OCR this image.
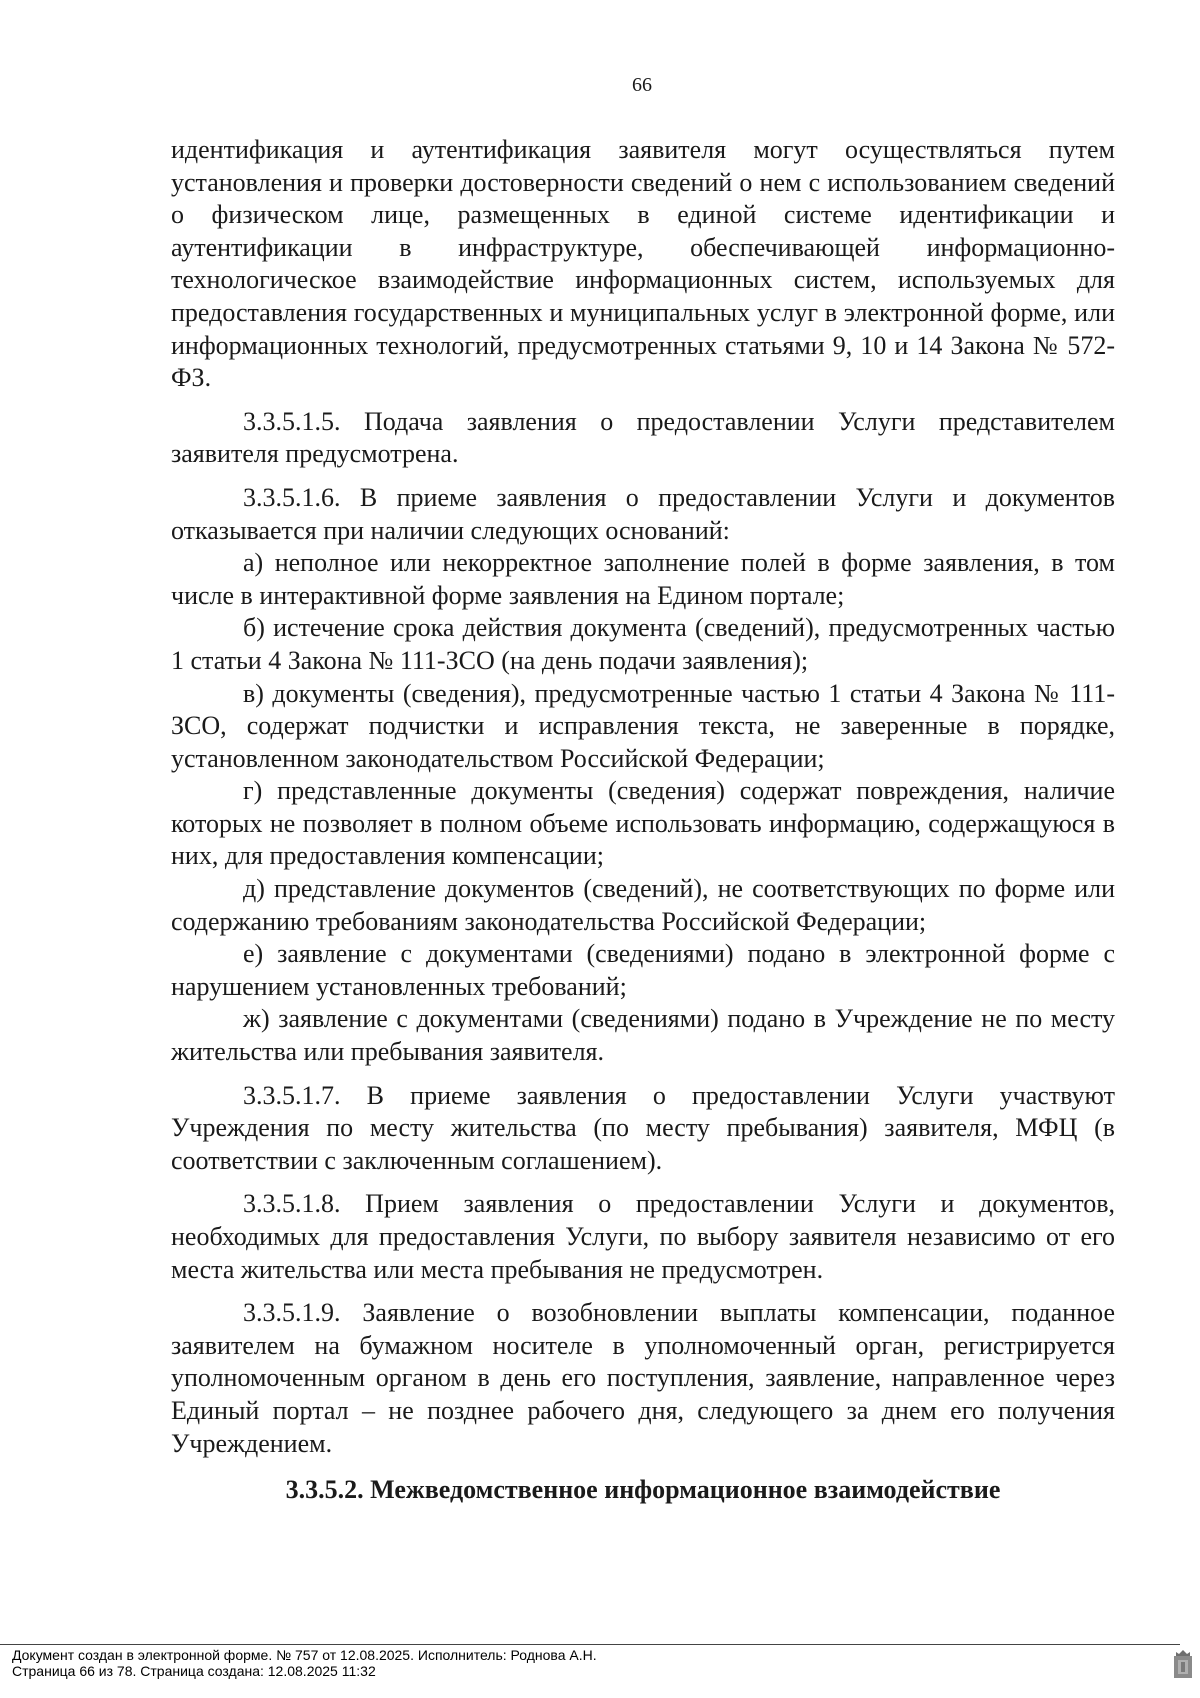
66

идентификация и аутентификация заявителя могут осуществляться путем установления и проверки достоверности сведений о нем с использованием сведений о физическом лице, размещенных в единой системе идентификации и аутентификации в инфраструктуре, обеспечивающей информационно-технологическое взаимодействие информационных систем, используемых для предоставления государственных и муниципальных услуг в электронной форме, или информационных технологий, предусмотренных статьями 9, 10 и 14 Закона № 572-ФЗ.

3.3.5.1.5. Подача заявления о предоставлении Услуги представителем заявителя предусмотрена.

3.3.5.1.6. В приеме заявления о предоставлении Услуги и документов отказывается при наличии следующих оснований:

а) неполное или некорректное заполнение полей в форме заявления, в том числе в интерактивной форме заявления на Едином портале;

б) истечение срока действия документа (сведений), предусмотренных частью 1 статьи 4 Закона № 111-ЗСО (на день подачи заявления);

в) документы (сведения), предусмотренные частью 1 статьи 4 Закона № 111-ЗСО, содержат подчистки и исправления текста, не заверенные в порядке, установленном законодательством Российской Федерации;

г) представленные документы (сведения) содержат повреждения, наличие которых не позволяет в полном объеме использовать информацию, содержащуюся в них, для предоставления компенсации;

д) представление документов (сведений), не соответствующих по форме или содержанию требованиям законодательства Российской Федерации;

е) заявление с документами (сведениями) подано в электронной форме с нарушением установленных требований;

ж) заявление с документами (сведениями) подано в Учреждение не по месту жительства или пребывания заявителя.

3.3.5.1.7. В приеме заявления о предоставлении Услуги участвуют Учреждения по месту жительства (по месту пребывания) заявителя, МФЦ (в соответствии с заключенным соглашением).

3.3.5.1.8. Прием заявления о предоставлении Услуги и документов, необходимых для предоставления Услуги, по выбору заявителя независимо от его места жительства или места пребывания не предусмотрен.

3.3.5.1.9. Заявление о возобновлении выплаты компенсации, поданное заявителем на бумажном носителе в уполномоченный орган, регистрируется уполномоченным органом в день его поступления, заявление, направленное через Единый портал – не позднее рабочего дня, следующего за днем его получения Учреждением.

3.3.5.2. Межведомственное информационное взаимодействие

Документ создан в электронной форме. № 757 от 12.08.2025. Исполнитель: Роднова А.Н.
Страница 66 из 78. Страница создана: 12.08.2025 11:32
